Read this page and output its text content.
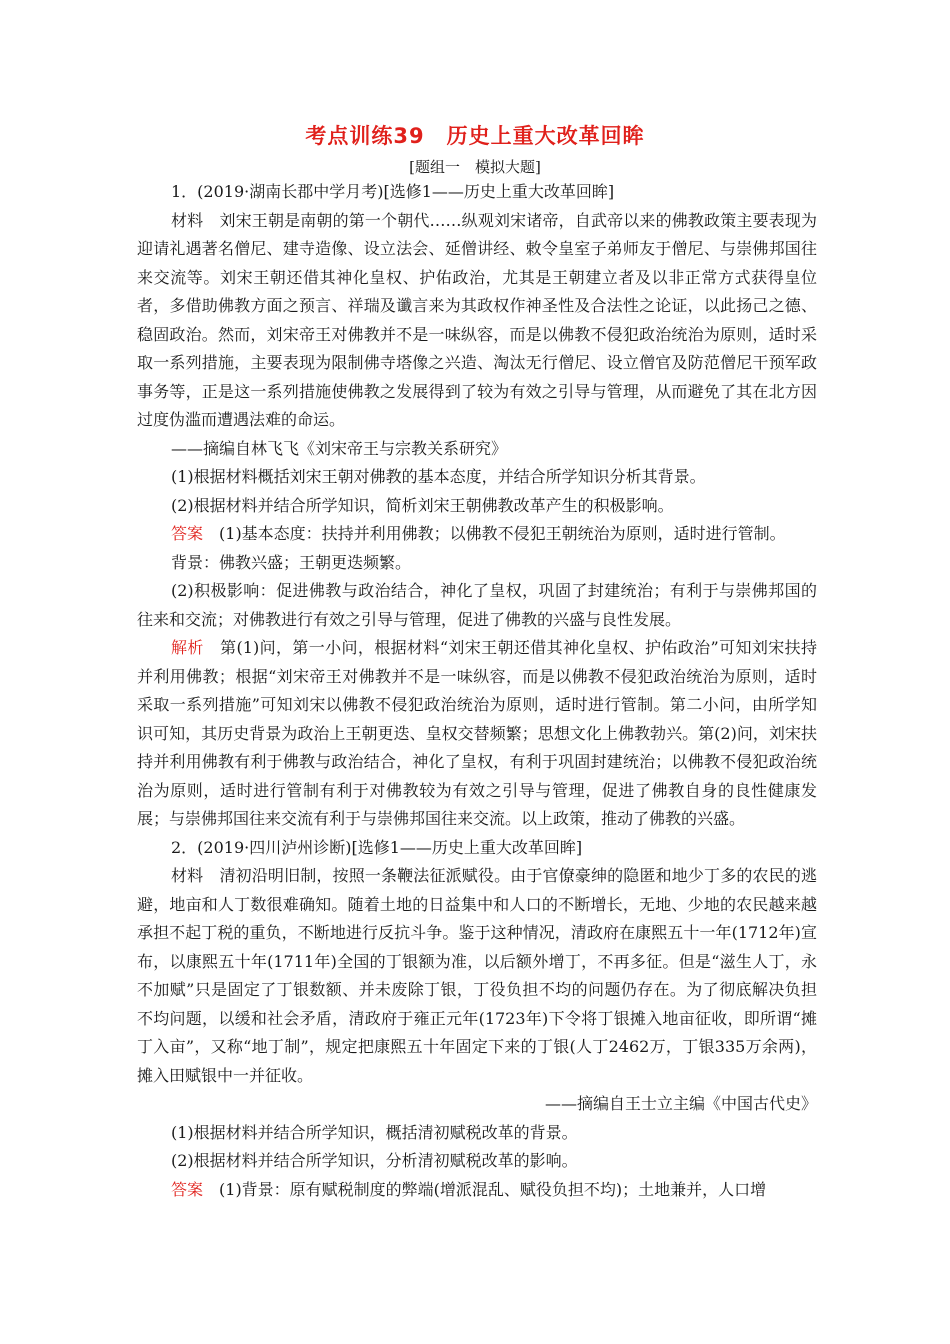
考点训练39　历史上重大改革回眸
[题组一　模拟大题]

1．(2019·湖南长郡中学月考)[选修1——历史上重大改革回眸]

材料　刘宋王朝是南朝的第一个朝代……纵观刘宋诸帝，自武帝以来的佛教政策主要表现为迎请礼遇著名僧尼、建寺造像、设立法会、延僧讲经、敕令皇室子弟师友于僧尼、与崇佛邦国往来交流等。刘宋王朝还借其神化皇权、护佑政治，尤其是王朝建立者及以非正常方式获得皇位者，多借助佛教方面之预言、祥瑞及谶言来为其政权作神圣性及合法性之论证，以此扬己之德、稳固政治。然而，刘宋帝王对佛教并不是一味纵容，而是以佛教不侵犯政治统治为原则，适时采取一系列措施，主要表现为限制佛寺塔像之兴造、淘汰无行僧尼、设立僧官及防范僧尼干预军政事务等，正是这一系列措施使佛教之发展得到了较为有效之引导与管理，从而避免了其在北方因过度伪滥而遭遇法难的命运。

——摘编自林飞飞《刘宋帝王与宗教关系研究》

(1)根据材料概括刘宋王朝对佛教的基本态度，并结合所学知识分析其背景。

(2)根据材料并结合所学知识，简析刘宋王朝佛教改革产生的积极影响。

答案　(1)基本态度：扶持并利用佛教；以佛教不侵犯王朝统治为原则，适时进行管制。

背景：佛教兴盛；王朝更迭频繁。

(2)积极影响：促进佛教与政治结合，神化了皇权，巩固了封建统治；有利于与崇佛邦国的往来和交流；对佛教进行有效之引导与管理，促进了佛教的兴盛与良性发展。

解析　第(1)问，第一小问，根据材料“刘宋王朝还借其神化皇权、护佑政治”可知刘宋扶持并利用佛教；根据“刘宋帝王对佛教并不是一味纵容，而是以佛教不侵犯政治统治为原则，适时采取一系列措施”可知刘宋以佛教不侵犯政治统治为原则，适时进行管制。第二小问，由所学知识可知，其历史背景为政治上王朝更迭、皇权交替频繁；思想文化上佛教勃兴。第(2)问，刘宋扶持并利用佛教有利于佛教与政治结合，神化了皇权，有利于巩固封建统治；以佛教不侵犯政治统治为原则，适时进行管制有利于对佛教较为有效之引导与管理，促进了佛教自身的良性健康发展；与崇佛邦国往来交流有利于与崇佛邦国往来交流。以上政策，推动了佛教的兴盛。

2．(2019·四川泸州诊断)[选修1——历史上重大改革回眸]

材料　清初沿明旧制，按照一条鞭法征派赋役。由于官僚豪绅的隐匿和地少丁多的农民的逃避，地亩和人丁数很难确知。随着土地的日益集中和人口的不断增长，无地、少地的农民越来越承担不起丁税的重负，不断地进行反抗斗争。鉴于这种情况，清政府在康熙五十一年(1712年)宣布，以康熙五十年(1711年)全国的丁银额为准，以后额外增丁，不再多征。但是“滋生人丁，永不加赋”只是固定了丁银数额、并未废除丁银，丁役负担不均的问题仍存在。为了彻底解决负担不均问题，以缓和社会矛盾，清政府于雍正元年(1723年)下令将丁银摊入地亩征收，即所谓“摊丁入亩”，又称“地丁制”，规定把康熙五十年固定下来的丁银(人丁2462万，丁银335万余两)，摊入田赋银中一并征收。

——摘编自王士立主编《中国古代史》

(1)根据材料并结合所学知识，概括清初赋税改革的背景。

(2)根据材料并结合所学知识，分析清初赋税改革的影响。

答案　(1)背景：原有赋税制度的弊端(增派混乱、赋役负担不均)；土地兼并，人口增
